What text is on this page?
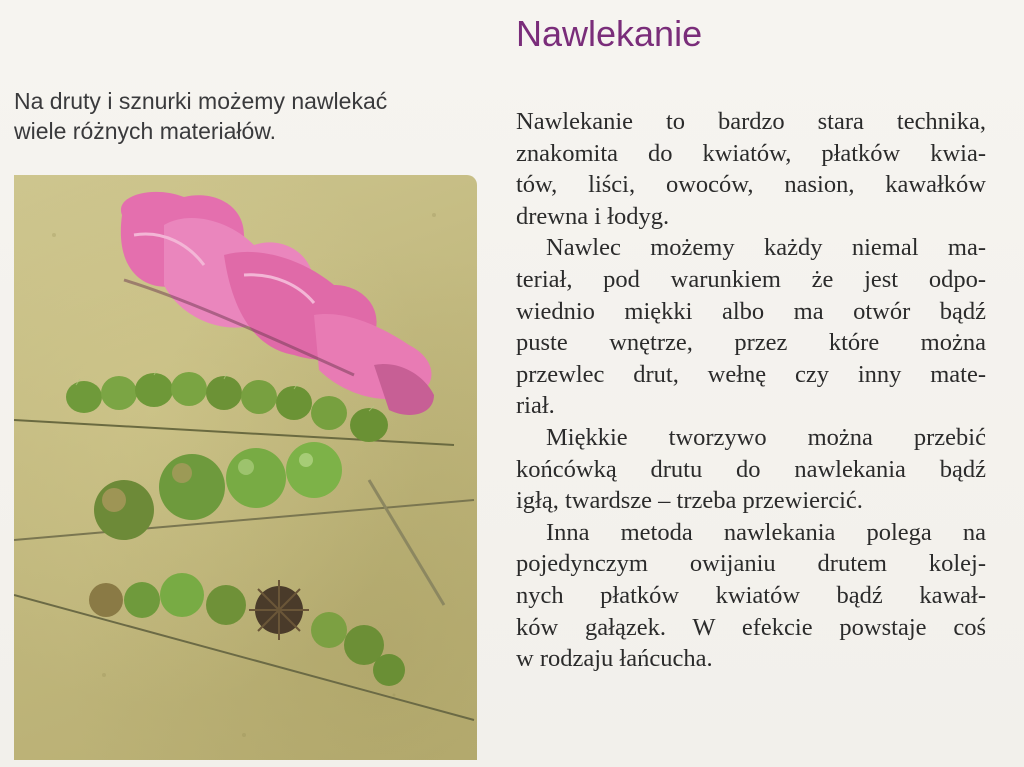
Nawlekanie
Na druty i sznurki możemy nawlekać
wiele różnych materiałów.	Nawlekanie to bardzo stara technika,
znakomita do kwiatów, płatków kwia-
tów, liści, owoców, nasion, kawałków
drewna i łodyg.
Nawlec możemy każdy niemal ma-
teriał, pod warunkiem że jest odpo-
wiednio miękki albo ma otwór bądź
puste wnętrze, przez które można
przewlec drut, wełnę czy inny mate-
riał.
Miękkie tworzywo można przebić
końcówką drutu do nawlekania bądź
igłą, twardsze – trzeba przewiercić.
Inna metoda nawlekania polega na
pojedynczym owijaniu drutem kolej-
nych płatków kwiatów bądź kawał-
ków gałązek. W efekcie powstaje coś
w rodzaju łańcucha.
